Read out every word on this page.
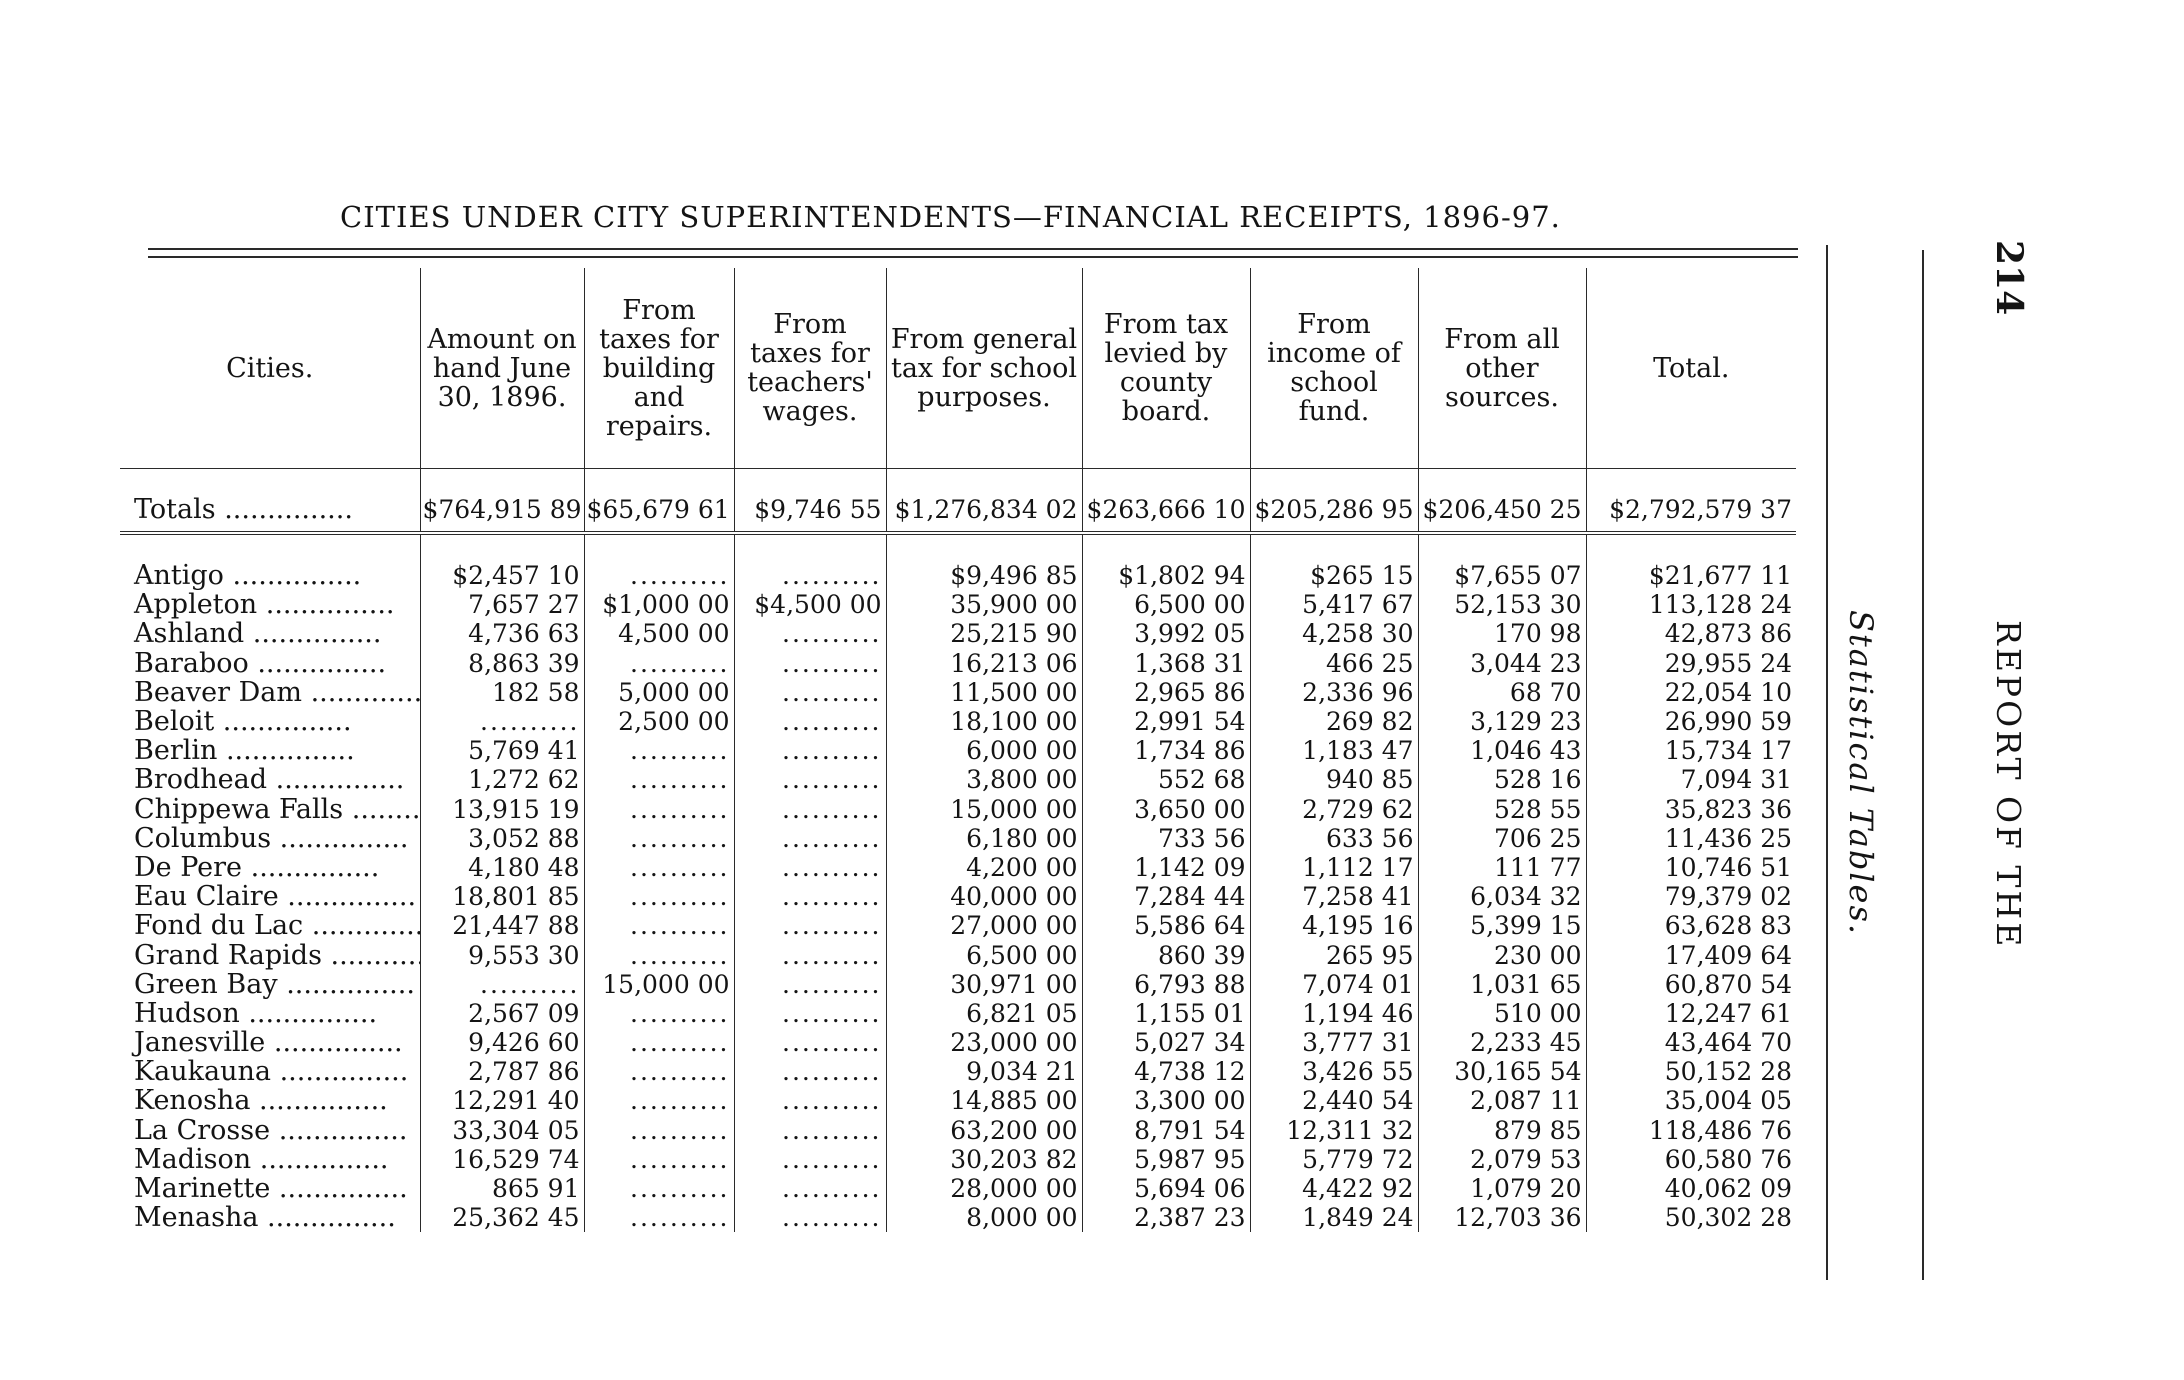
214
REPORT OF THE
Statistical Tables.
CITIES UNDER CITY SUPERINTENDENTS—FINANCIAL RECEIPTS, 1896-97.
Cities.	Amount on hand June 30, 1896.	From taxes for building and repairs.	From taxes for teachers' wages.	From general tax for school purposes.	From tax levied by county board.	From income of school fund.	From all other sources.	Total.

Totals .....	$764,915 89	$65,679 61	$9,746 55	$1,276,834 02	$263,666 10	$205,286 95	$206,450 25	$2,792,579 37

Antigo .....	$2,457 10	..........	..........	$9,496 85	$1,802 94	$265 15	$7,655 07	$21,677 11
Appleton .....	7,657 27	$1,000 00	$4,500 00	35,900 00	6,500 00	5,417 67	52,153 30	113,128 24
Ashland .....	4,736 63	4,500 00	..........	25,215 90	3,992 05	4,258 30	170 98	42,873 86
Baraboo .....	8,863 39	..........	..........	16,213 06	1,368 31	466 25	3,044 23	29,955 24
Beaver Dam .....	182 58	5,000 00	..........	11,500 00	2,965 86	2,336 96	68 70	22,054 10
Beloit .....	..........	2,500 00	..........	18,100 00	2,991 54	269 82	3,129 23	26,990 59
Berlin .....	5,769 41	..........	..........	6,000 00	1,734 86	1,183 47	1,046 43	15,734 17
Brodhead .....	1,272 62	..........	..........	3,800 00	552 68	940 85	528 16	7,094 31
Chippewa Falls .....	13,915 19	..........	..........	15,000 00	3,650 00	2,729 62	528 55	35,823 36
Columbus .....	3,052 88	..........	..........	6,180 00	733 56	633 56	706 25	11,436 25
De Pere .....	4,180 48	..........	..........	4,200 00	1,142 09	1,112 17	111 77	10,746 51
Eau Claire .....	18,801 85	..........	..........	40,000 00	7,284 44	7,258 41	6,034 32	79,379 02
Fond du Lac .....	21,447 88	..........	..........	27,000 00	5,586 64	4,195 16	5,399 15	63,628 83
Grand Rapids .....	9,553 30	..........	..........	6,500 00	860 39	265 95	230 00	17,409 64
Green Bay .....	..........	15,000 00	..........	30,971 00	6,793 88	7,074 01	1,031 65	60,870 54
Hudson .....	2,567 09	..........	..........	6,821 05	1,155 01	1,194 46	510 00	12,247 61
Janesville .....	9,426 60	..........	..........	23,000 00	5,027 34	3,777 31	2,233 45	43,464 70
Kaukauna .....	2,787 86	..........	..........	9,034 21	4,738 12	3,426 55	30,165 54	50,152 28
Kenosha .....	12,291 40	..........	..........	14,885 00	3,300 00	2,440 54	2,087 11	35,004 05
La Crosse .....	33,304 05	..........	..........	63,200 00	8,791 54	12,311 32	879 85	118,486 76
Madison .....	16,529 74	..........	..........	30,203 82	5,987 95	5,779 72	2,079 53	60,580 76
Marinette .....	865 91	..........	..........	28,000 00	5,694 06	4,422 92	1,079 20	40,062 09
Menasha .....	25,362 45	..........	..........	8,000 00	2,387 23	1,849 24	12,703 36	50,302 28
